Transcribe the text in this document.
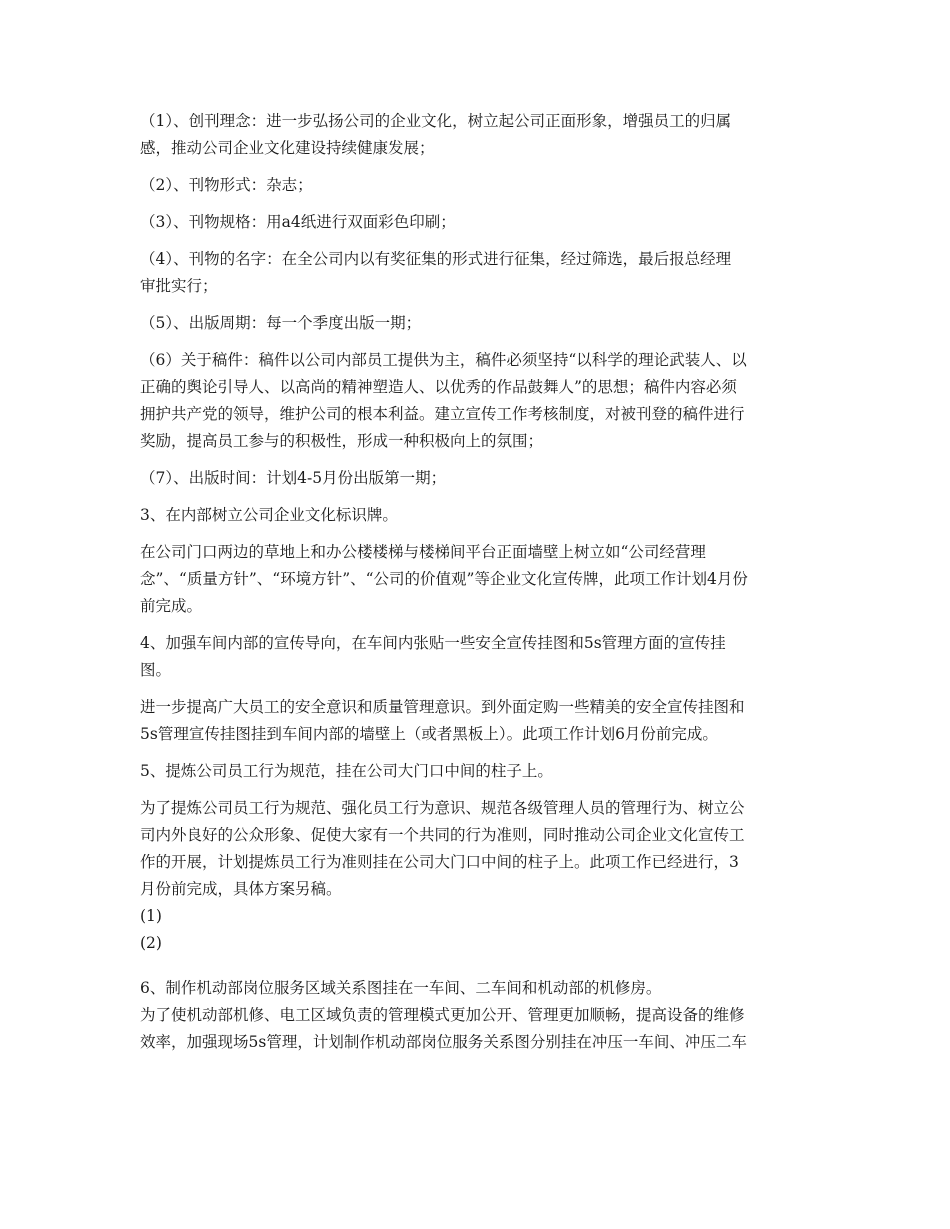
（1）、创刊理念：进一步弘扬公司的企业文化，树立起公司正面形象，增强员工的归属
感，推动公司企业文化建设持续健康发展；

（2）、刊物形式：杂志；

（3）、刊物规格：用a4纸进行双面彩色印刷；

（4）、刊物的名字：在全公司内以有奖征集的形式进行征集，经过筛选，最后报总经理
审批实行；

（5）、出版周期：每一个季度出版一期；

（6）关于稿件：稿件以公司内部员工提供为主，稿件必须坚持“以科学的理论武装人、以
正确的舆论引导人、以高尚的精神塑造人、以优秀的作品鼓舞人”的思想；稿件内容必须
拥护共产党的领导，维护公司的根本利益。建立宣传工作考核制度，对被刊登的稿件进行
奖励，提高员工参与的积极性，形成一种积极向上的氛围；

（7）、出版时间：计划4-5月份出版第一期；

3、在内部树立公司企业文化标识牌。

在公司门口两边的草地上和办公楼楼梯与楼梯间平台正面墙壁上树立如“公司经营理
念”、“质量方针”、“环境方针”、“公司的价值观”等企业文化宣传牌，此项工作计划4月份
前完成。

4、加强车间内部的宣传导向，在车间内张贴一些安全宣传挂图和5s管理方面的宣传挂
图。

进一步提高广大员工的安全意识和质量管理意识。到外面定购一些精美的安全宣传挂图和
5s管理宣传挂图挂到车间内部的墙壁上（或者黑板上）。此项工作计划6月份前完成。

5、提炼公司员工行为规范，挂在公司大门口中间的柱子上。

为了提炼公司员工行为规范、强化员工行为意识、规范各级管理人员的管理行为、树立公
司内外良好的公众形象、促使大家有一个共同的行为准则，同时推动公司企业文化宣传工
作的开展，计划提炼员工行为准则挂在公司大门口中间的柱子上。此项工作已经进行，3
月份前完成，具体方案另稿。

(1)

(2)

6、制作机动部岗位服务区域关系图挂在一车间、二车间和机动部的机修房。

为了使机动部机修、电工区域负责的管理模式更加公开、管理更加顺畅，提高设备的维修
效率，加强现场5s管理，计划制作机动部岗位服务关系图分别挂在冲压一车间、冲压二车
